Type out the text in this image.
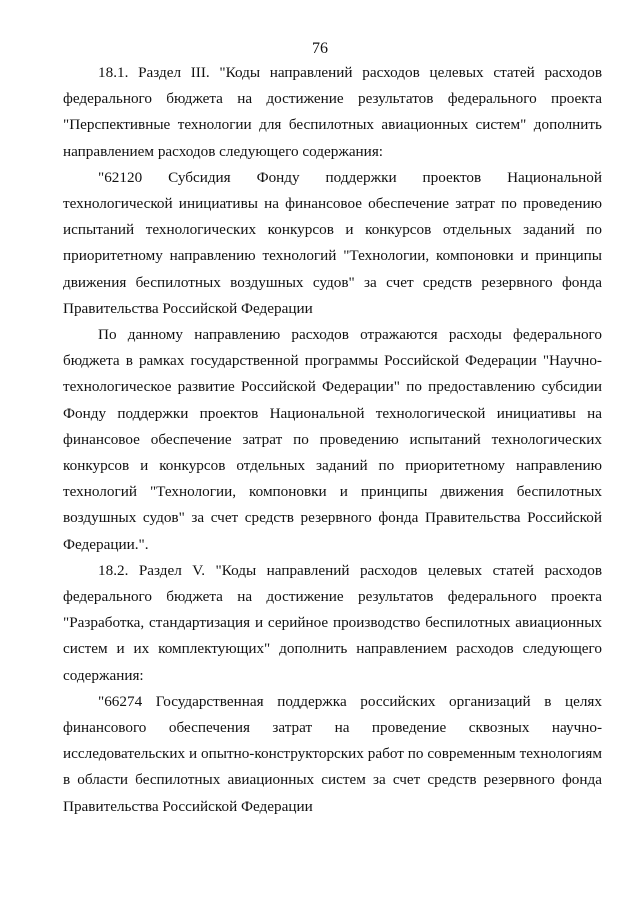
76

18.1. Раздел III. "Коды направлений расходов целевых статей расходов федерального бюджета на достижение результатов федерального проекта "Перспективные технологии для беспилотных авиационных систем" дополнить направлением расходов следующего содержания:

"62120 Субсидия Фонду поддержки проектов Национальной технологической инициативы на финансовое обеспечение затрат по проведению испытаний технологических конкурсов и конкурсов отдельных заданий по приоритетному направлению технологий "Технологии, компоновки и принципы движения беспилотных воздушных судов" за счет средств резервного фонда Правительства Российской Федерации

По данному направлению расходов отражаются расходы федерального бюджета в рамках государственной программы Российской Федерации "Научно-технологическое развитие Российской Федерации" по предоставлению субсидии Фонду поддержки проектов Национальной технологической инициативы на финансовое обеспечение затрат по проведению испытаний технологических конкурсов и конкурсов отдельных заданий по приоритетному направлению технологий "Технологии, компоновки и принципы движения беспилотных воздушных судов" за счет средств резервного фонда Правительства Российской Федерации.".

18.2. Раздел V. "Коды направлений расходов целевых статей расходов федерального бюджета на достижение результатов федерального проекта "Разработка, стандартизация и серийное производство беспилотных авиационных систем и их комплектующих" дополнить направлением расходов следующего содержания:

"66274 Государственная поддержка российских организаций в целях финансового обеспечения затрат на проведение сквозных научно-исследовательских и опытно-конструкторских работ по современным технологиям в области беспилотных авиационных систем за счет средств резервного фонда Правительства Российской Федерации
